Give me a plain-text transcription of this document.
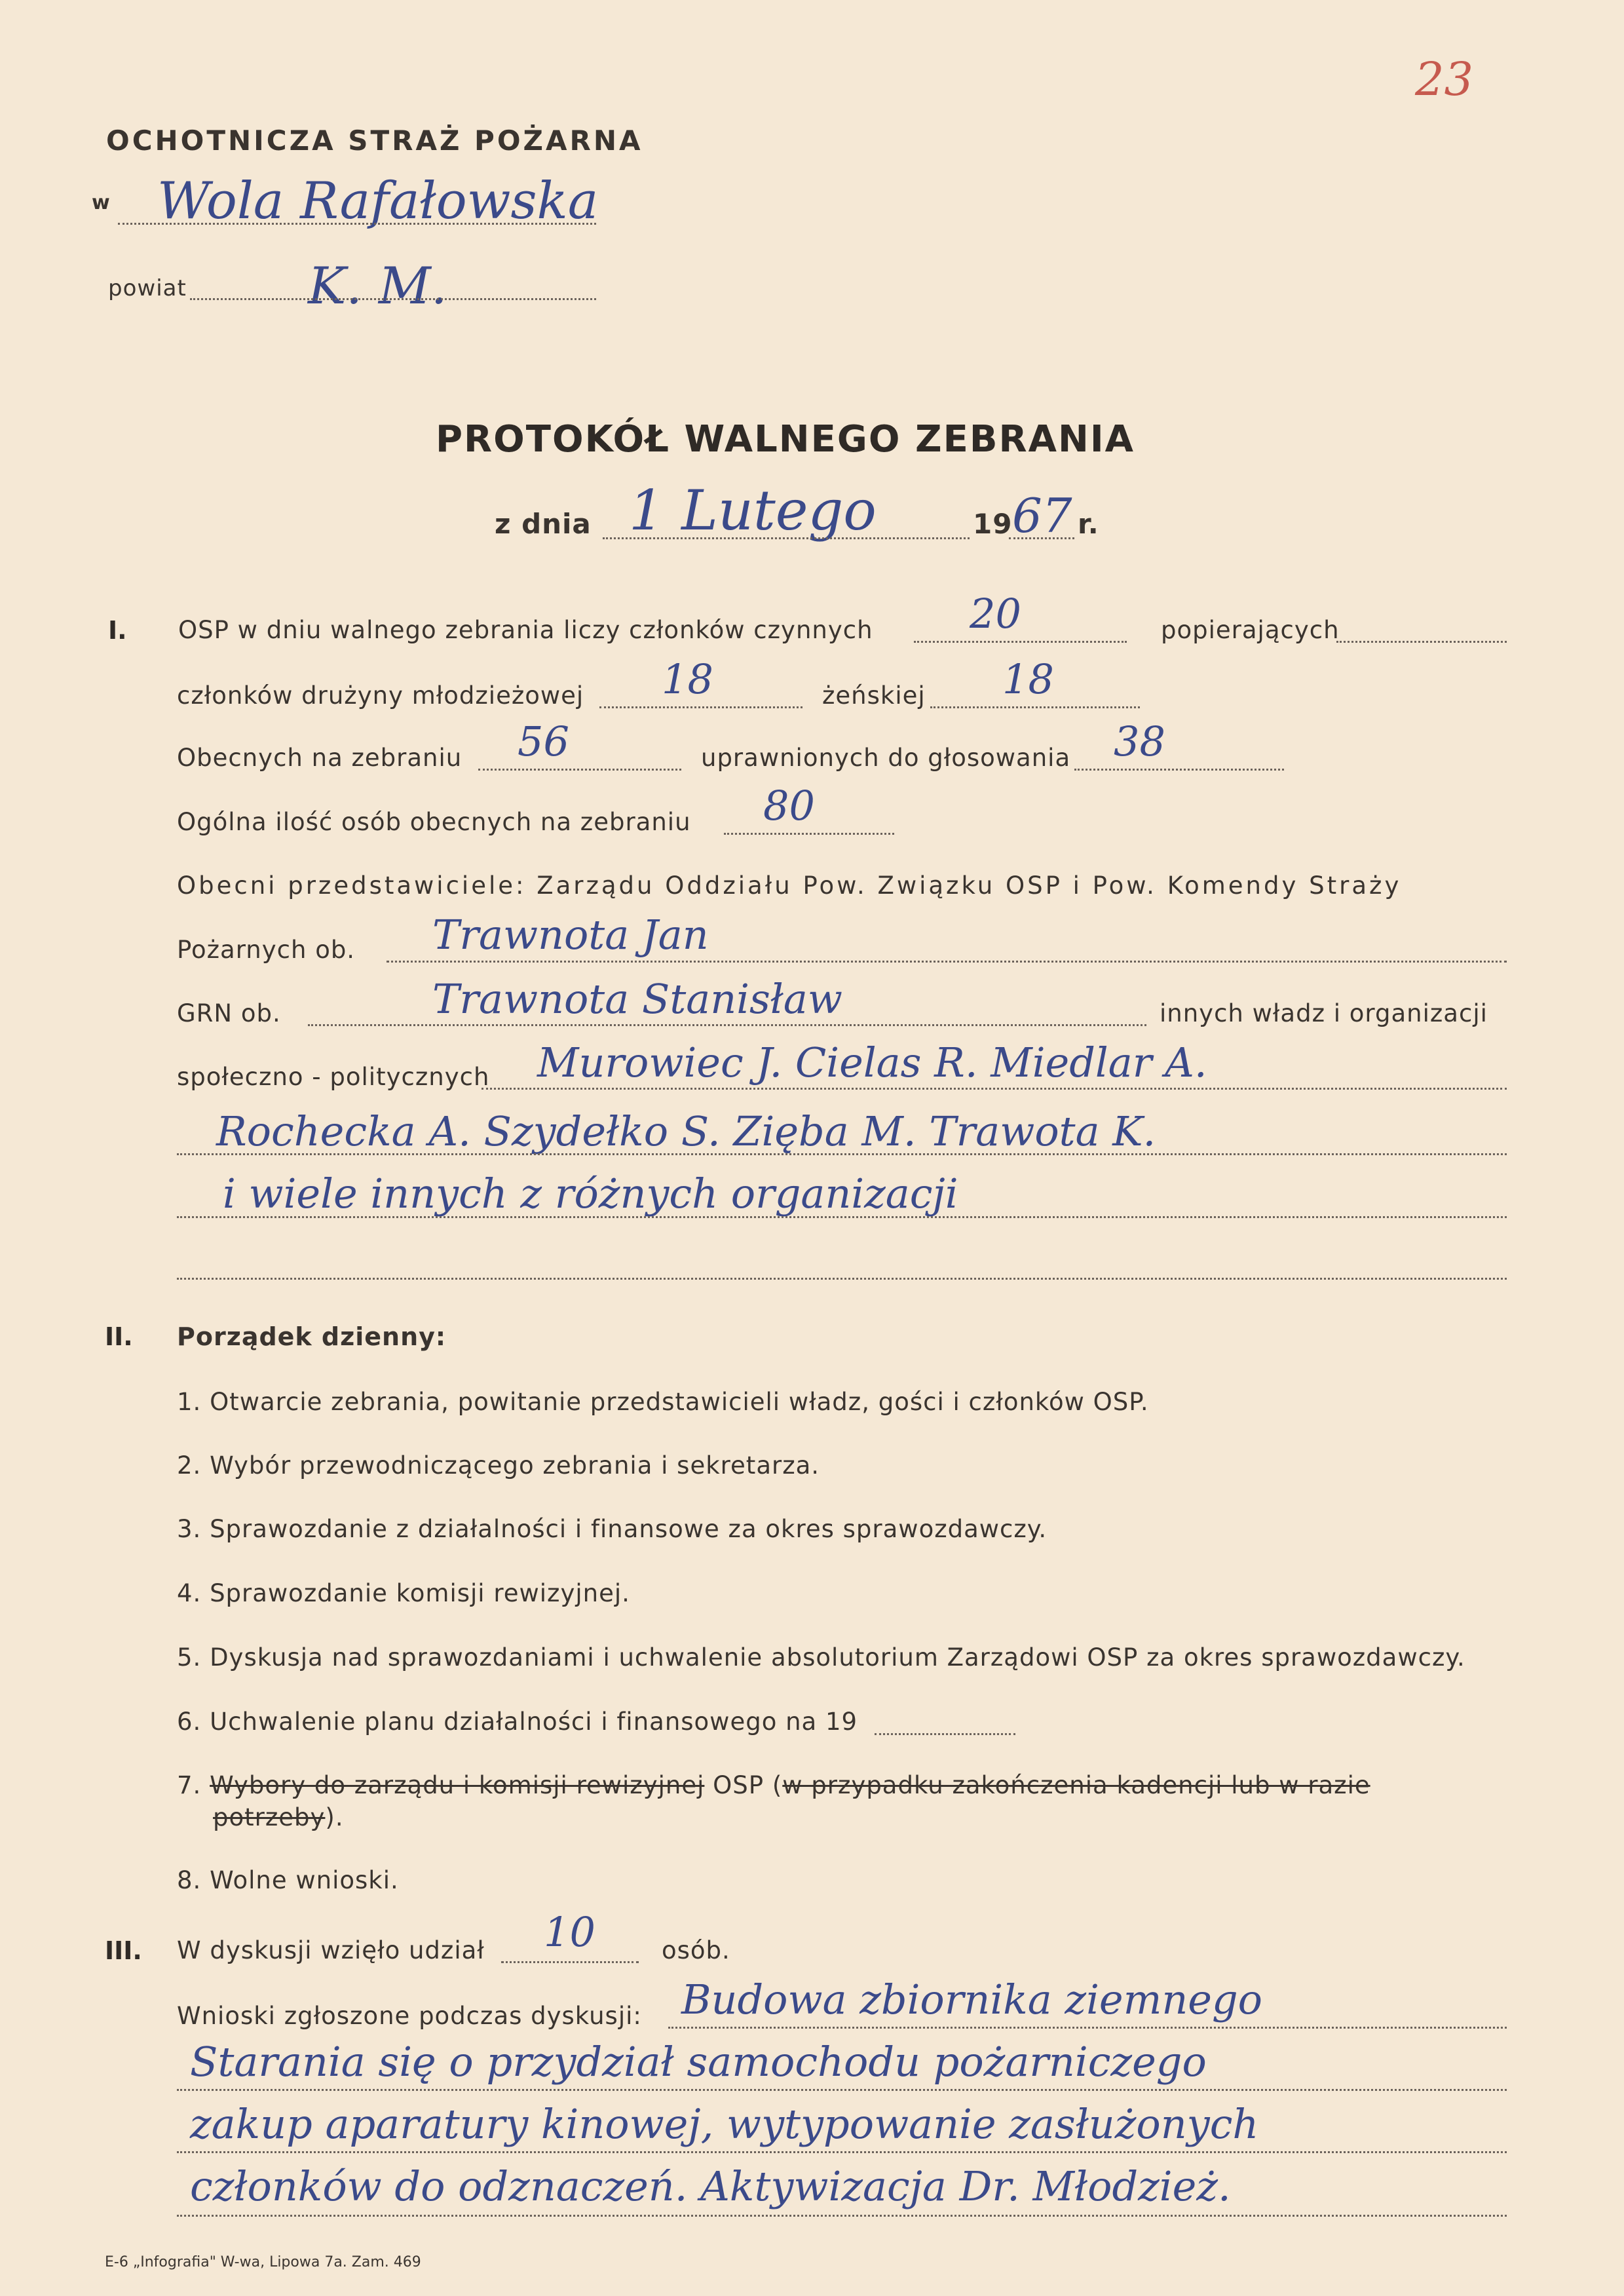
23
OCHOTNICZA STRAŻ POŻARNA
w Wola Rafałowska
powiat K. M.
PROTOKÓŁ WALNEGO ZEBRANIA
z dnia 1 Lutego	19 67 r.
I. OSP w dniu walnego zebrania liczy członków czynnych 20	popierających
członków drużyny młodzieżowej 18	żeńskiej 18
Obecnych na zebraniu 56	uprawnionych do głosowania 38
Ogólna ilość osób obecnych na zebraniu 80
Obecni przedstawiciele: Zarządu Oddziału Pow. Związku OSP i Pow. Komendy Straży
Pożarnych ob. Trawnota Jan
GRN ob.	Trawnota Stanisław	innych władz i organizacji
społeczno - politycznych Murowiec J. Cielas R. Miedlar A.
Rochecka A. Szydełko S. Zięba M. Trawota K.
i wiele innych z różnych organizacji
II. Porządek dzienny:
1. Otwarcie zebrania, powitanie przedstawicieli władz, gości i członków OSP.
2. Wybór przewodniczącego zebrania i sekretarza.
3. Sprawozdanie z działalności i finansowe za okres sprawozdawczy.
4. Sprawozdanie komisji rewizyjnej.
5. Dyskusja nad sprawozdaniami i uchwalenie absolutorium Zarządowi OSP za okres sprawozdawczy.
6. Uchwalenie planu działalności i finansowego na 19
7. Wybory do zarządu i komisji rewizyjnej OSP (w przypadku zakończenia kadencji lub w razie
potrzeby).
8. Wolne wnioski.
III. W dyskusji wzięło udział 10	osób.
Wnioski zgłoszone podczas dyskusji: Budowa zbiornika ziemnego
Starania się o przydział samochodu pożarniczego
zakup aparatury kinowej, wytypowanie zasłużonych
członków do odznaczeń. Aktywizacja Dr. Młodzież.
E-6 „Infografia" W-wa, Lipowa 7a. Zam. 469
